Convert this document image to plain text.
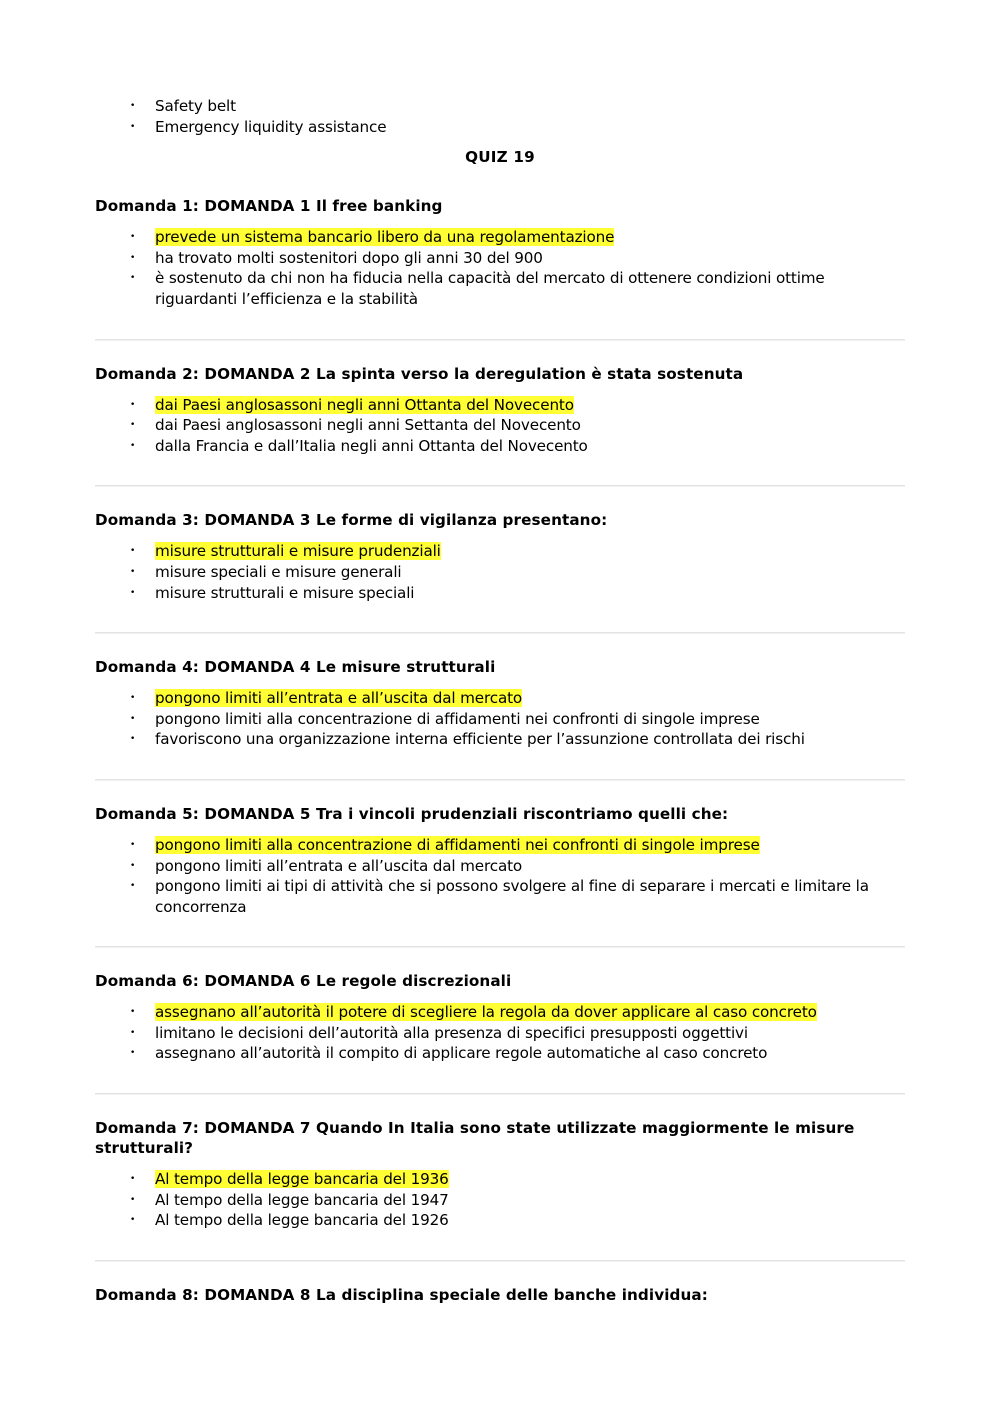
• Safety belt
• Emergency liquidity assistance
QUIZ 19

Domanda 1: DOMANDA 1 Il free banking

• prevede un sistema bancario libero da una regolamentazione
• ha trovato molti sostenitori dopo gli anni 30 del 900
• è sostenuto da chi non ha fiducia nella capacità del mercato di ottenere condizioni ottime riguardanti l’efficienza e la stabilità

Domanda 2: DOMANDA 2 La spinta verso la deregulation è stata sostenuta

• dai Paesi anglosassoni negli anni Ottanta del Novecento
• dai Paesi anglosassoni negli anni Settanta del Novecento
• dalla Francia e dall’Italia negli anni Ottanta del Novecento

Domanda 3: DOMANDA 3 Le forme di vigilanza presentano:

• misure strutturali e misure prudenziali
• misure speciali e misure generali
• misure strutturali e misure speciali

Domanda 4: DOMANDA 4 Le misure strutturali

• pongono limiti all’entrata e all’uscita dal mercato
• pongono limiti alla concentrazione di affidamenti nei confronti di singole imprese
• favoriscono una organizzazione interna efficiente per l’assunzione controllata dei rischi

Domanda 5: DOMANDA 5 Tra i vincoli prudenziali riscontriamo quelli che:

• pongono limiti alla concentrazione di affidamenti nei confronti di singole imprese
• pongono limiti all’entrata e all’uscita dal mercato
• pongono limiti ai tipi di attività che si possono svolgere al fine di separare i mercati e limitare la concorrenza

Domanda 6: DOMANDA 6 Le regole discrezionali

• assegnano all’autorità il potere di scegliere la regola da dover applicare al caso concreto
• limitano le decisioni dell’autorità alla presenza di specifici presupposti oggettivi
• assegnano all’autorità il compito di applicare regole automatiche al caso concreto

Domanda 7: DOMANDA 7 Quando In Italia sono state utilizzate maggiormente le misure strutturali?

• Al tempo della legge bancaria del 1936
• Al tempo della legge bancaria del 1947
• Al tempo della legge bancaria del 1926

Domanda 8: DOMANDA 8 La disciplina speciale delle banche individua:
